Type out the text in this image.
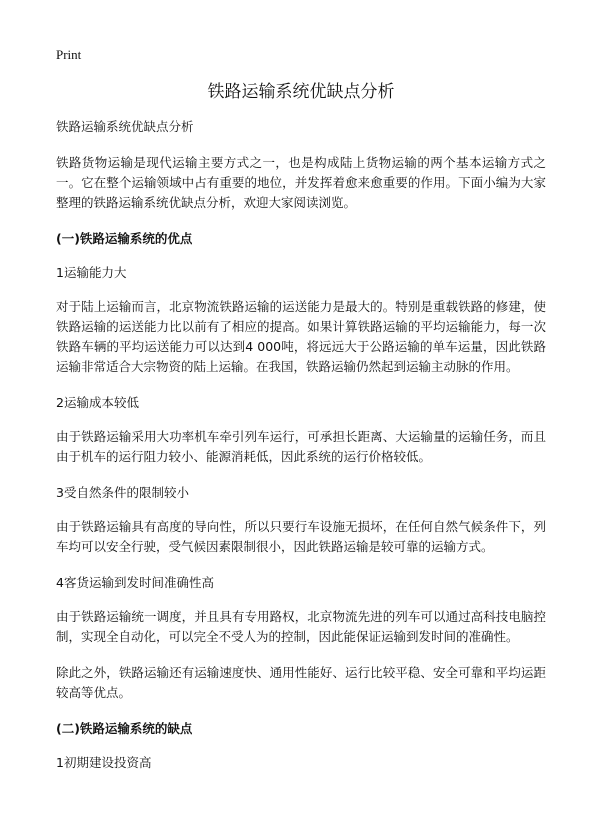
Print
铁路运输系统优缺点分析
铁路运输系统优缺点分析

铁路货物运输是现代运输主要方式之一，也是构成陆上货物运输的两个基本运输方式之一。它在整个运输领域中占有重要的地位，并发挥着愈来愈重要的作用。下面小编为大家整理的铁路运输系统优缺点分析，欢迎大家阅读浏览。

(一)铁路运输系统的优点
1运输能力大

对于陆上运输而言，北京物流铁路运输的运送能力是最大的。特别是重载铁路的修建，使铁路运输的运送能力比以前有了相应的提高。如果计算铁路运输的平均运输能力，每一次铁路车辆的平均运送能力可以达到4 000吨，将远远大于公路运输的单车运量，因此铁路运输非常适合大宗物资的陆上运输。在我国，铁路运输仍然起到运输主动脉的作用。

2运输成本较低

由于铁路运输采用大功率机车牵引列车运行，可承担长距离、大运输量的运输任务，而且由于机车的运行阻力较小、能源消耗低，因此系统的运行价格较低。

3受自然条件的限制较小

由于铁路运输具有高度的导向性，所以只要行车设施无损坏，在任何自然气候条件下，列车均可以安全行驶，受气候因素限制很小，因此铁路运输是较可靠的运输方式。

4客货运输到发时间准确性高

由于铁路运输统一调度，并且具有专用路权，北京物流先进的列车可以通过高科技电脑控制，实现全自动化，可以完全不受人为的控制，因此能保证运输到发时间的准确性。

除此之外，铁路运输还有运输速度快、通用性能好、运行比较平稳、安全可靠和平均运距较高等优点。

(二)铁路运输系统的缺点
1初期建设投资高
